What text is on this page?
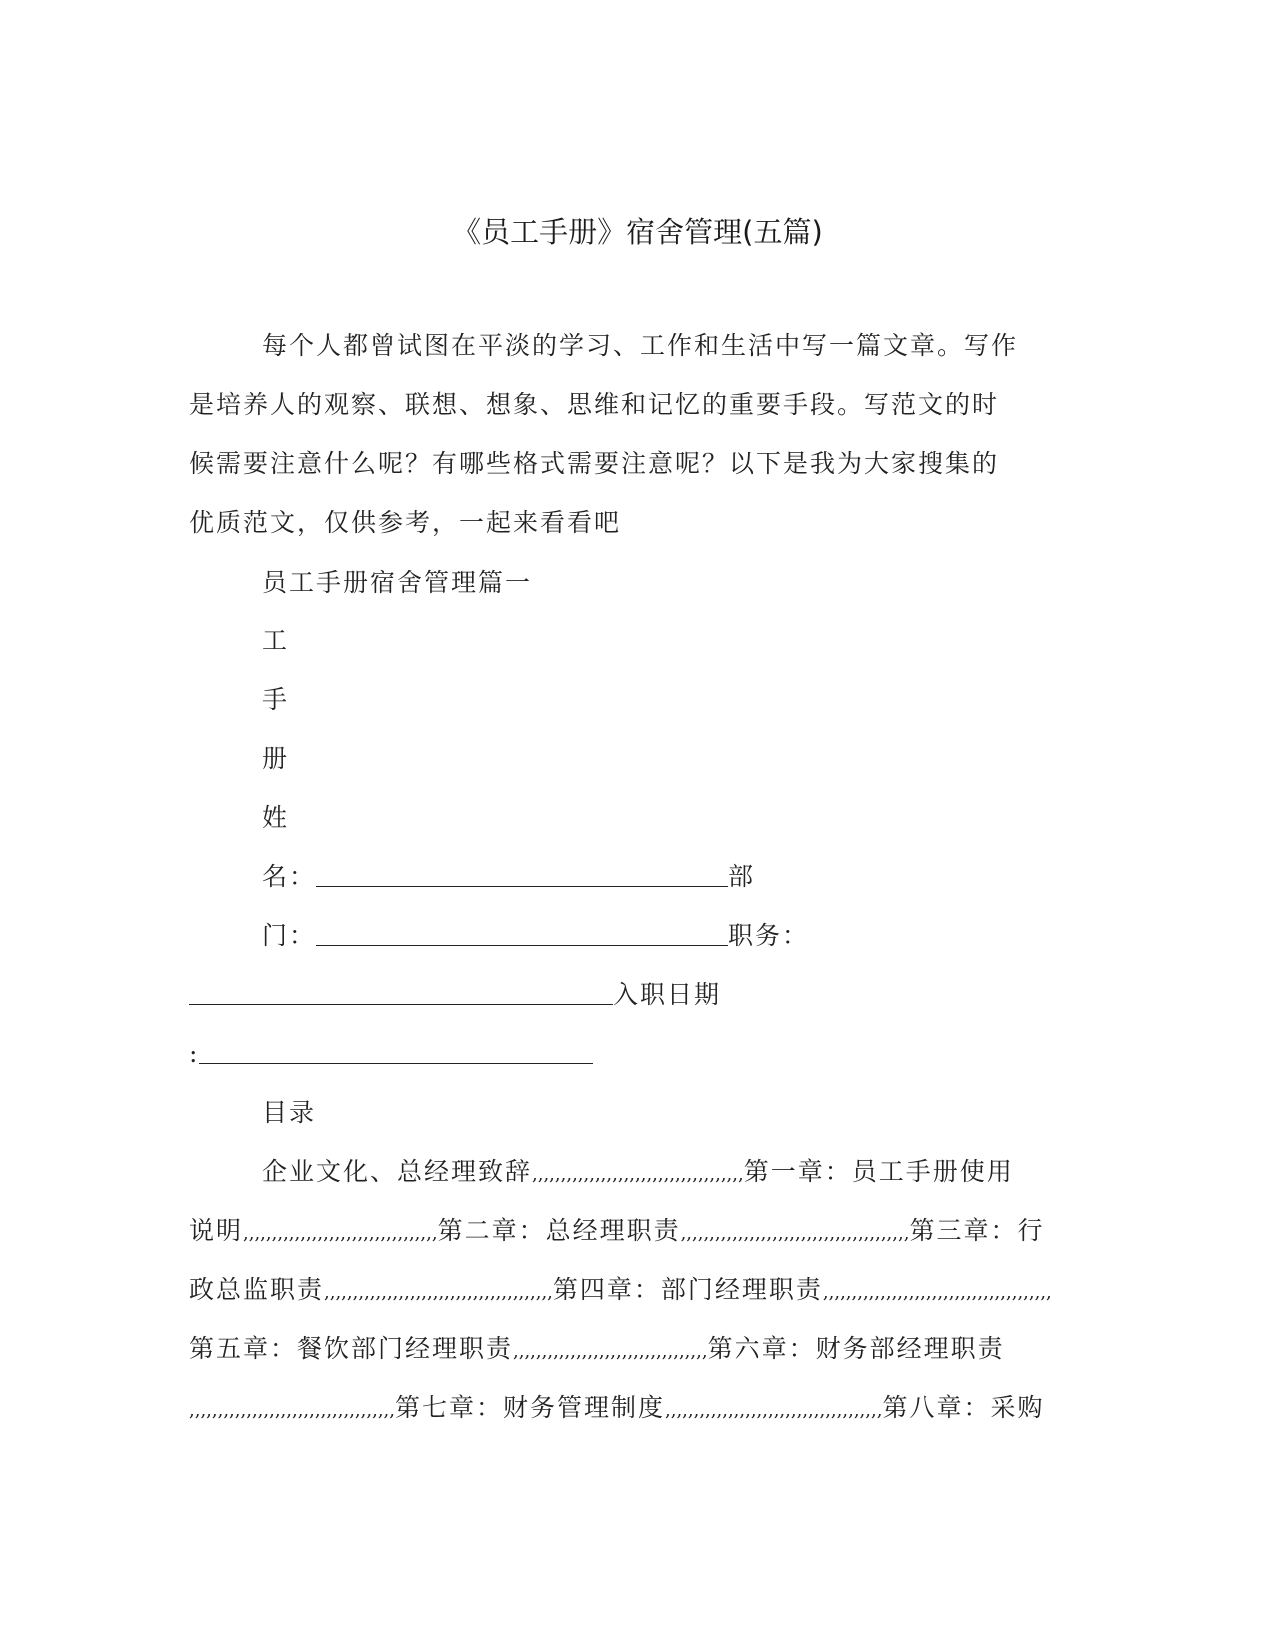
《员工手册》宿舍管理(五篇)
每个人都曾试图在平淡的学习、工作和生活中写一篇文章。写作
是培养人的观察、联想、想象、思维和记忆的重要手段。写范文的时
候需要注意什么呢？有哪些格式需要注意呢？以下是我为大家搜集的
优质范文，仅供参考，一起来看看吧
员工手册宿舍管理篇一
工
手
册
姓
名：	部
门：	职务：
入职日期
:
目录
企业文化、总经理致辞,,,,,,,,,,,,,,,,,,,,,,,,,,,,,,,,,,,,,第一章：员工手册使用
说明,,,,,,,,,,,,,,,,,,,,,,,,,,,,,,,,,,第二章：总经理职责,,,,,,,,,,,,,,,,,,,,,,,,,,,,,,,,,,,,,,,,第三章：行
政总监职责,,,,,,,,,,,,,,,,,,,,,,,,,,,,,,,,,,,,,,,,第四章：部门经理职责,,,,,,,,,,,,,,,,,,,,,,,,,,,,,,,,,,,,,,,,
第五章：餐饮部门经理职责,,,,,,,,,,,,,,,,,,,,,,,,,,,,,,,,,,第六章：财务部经理职责
,,,,,,,,,,,,,,,,,,,,,,,,,,,,,,,,,,,,第七章：财务管理制度,,,,,,,,,,,,,,,,,,,,,,,,,,,,,,,,,,,,,,第八章：采购
